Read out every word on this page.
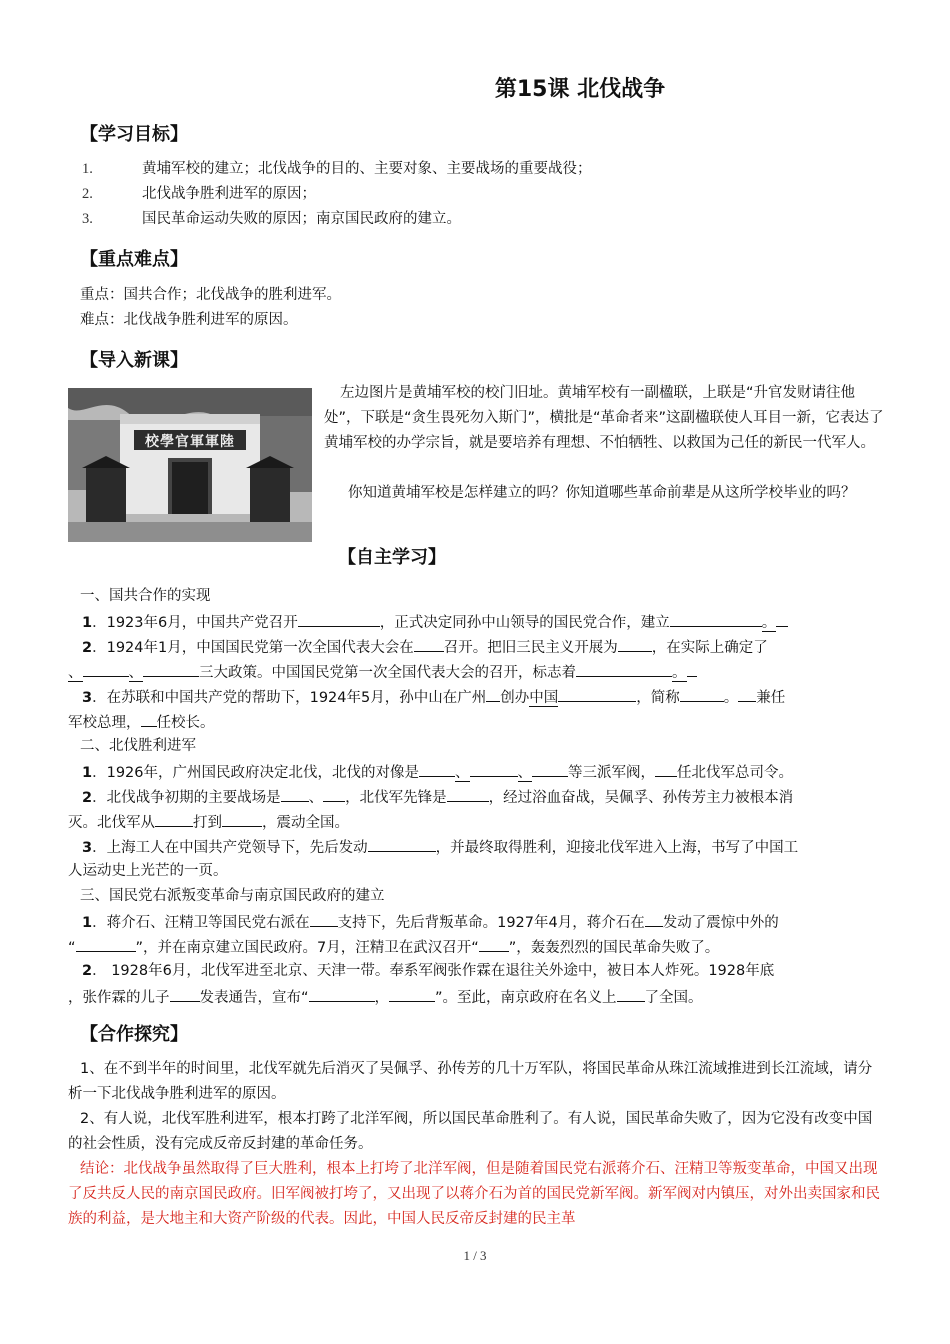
第15课 北伐战争
【学习目标】
1.	黄埔军校的建立；北伐战争的目的、主要对象、主要战场的重要战役；
2.	北伐战争胜利进军的原因；
3.	国民革命运动失败的原因；南京国民政府的建立。
【重点难点】
重点：国共合作；北伐战争的胜利进军。
难点：北伐战争胜利进军的原因。
【导入新课】
校學官軍軍陸
左边图片是黄埔军校的校门旧址。黄埔军校有一副楹联，上联是“升官发财请往他处”，下联是“贪生畏死勿入斯门”，横批是“革命者来”这副楹联使人耳目一新，它表达了黄埔军校的办学宗旨，就是要培养有理想、不怕牺牲、以救国为己任的新民一代军人。
你知道黄埔军校是怎样建立的吗？你知道哪些革命前辈是从这所学校毕业的吗？
【自主学习】
一、国共合作的实现
1．1923年6月，中国共产党召开	，正式决定同孙中山领导的国民党合作，建立	。
2．1924年1月，中国国民党第一次全国代表大会在 召开。把旧三民主义开展为 ，在实际上确定了
、	、	三大政策。中国国民党第一次全国代表大会的召开，标志着	。
3．在苏联和中国共产党的帮助下，1924年5月，孙中山在广州 创办中国	，简称	。 兼任
军校总理， 任校长。
二、北伐胜利进军
1．1926年，广州国民政府决定北伐，北伐的对像是 、	、 等三派军阀， 任北伐军总司令。
2．北伐战争初期的主要战场是 、 ，北伐军先锋是	，经过浴血奋战，吴佩孚、孙传芳主力被根本消
灭。北伐军从	打到	，震动全国。
3．上海工人在中国共产党领导下，先后发动	，并最终取得胜利，迎接北伐军进入上海，书写了中国工
人运动史上光芒的一页。
三、国民党右派叛变革命与南京国民政府的建立
1．蒋介石、汪精卫等国民党右派在 支持下，先后背叛革命。1927年4月，蒋介石在 发动了震惊中外的
“	”，并在南京建立国民政府。7月，汪精卫在武汉召开“ ”，轰轰烈烈的国民革命失败了。
2． 1928年6月，北伐军进至北京、天津一带。奉系军阀张作霖在退往关外途中，被日本人炸死。1928年底
，张作霖的儿子 发表通告，宣布“	，	”。至此，南京政府在名义上 了全国。
【合作探究】
1、在不到半年的时间里，北伐军就先后消灭了吴佩孚、孙传芳的几十万军队，将国民革命从珠江流域推进到长江流域，请分析一下北伐战争胜利进军的原因。
2、有人说，北伐军胜利进军，根本打跨了北洋军阀，所以国民革命胜利了。有人说，国民革命失败了，因为它没有改变中国的社会性质，没有完成反帝反封建的革命任务。
结论：北伐战争虽然取得了巨大胜利，根本上打垮了北洋军阀，但是随着国民党右派蒋介石、汪精卫等叛变革命，中国又出现了反共反人民的南京国民政府。旧军阀被打垮了，又出现了以蒋介石为首的国民党新军阀。新军阀对内镇压，对外出卖国家和民族的利益，是大地主和大资产阶级的代表。因此，中国人民反帝反封建的民主革
1 / 3
